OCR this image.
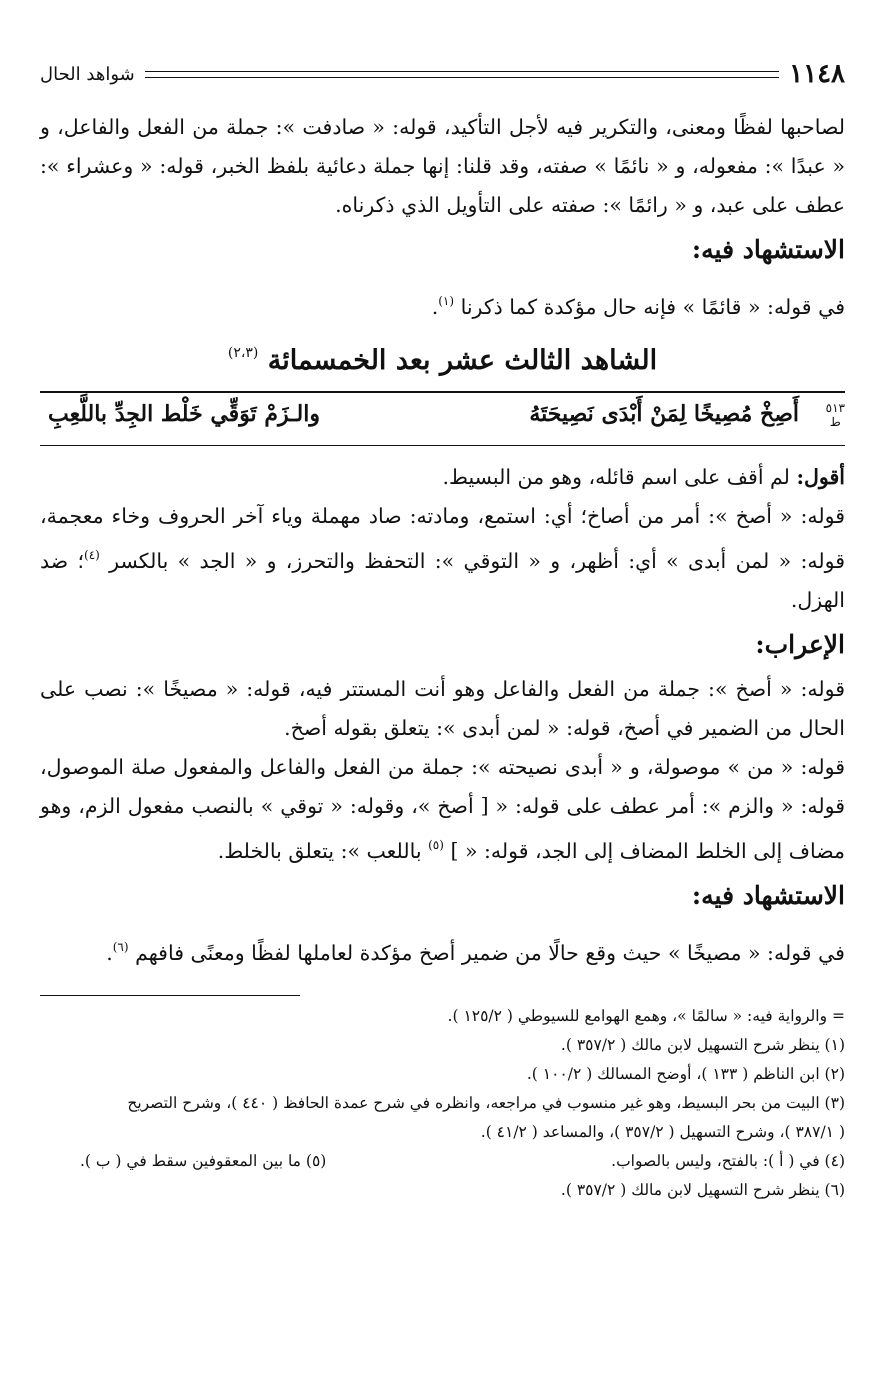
١١٤٨
شواهد الحال

لصاحبها لفظًا ومعنى، والتكرير فيه لأجل التأكيد، قوله: « صادفت »: جملة من الفعل والفاعل، و « عبدًا »: مفعوله، و « نائمًا » صفته، وقد قلنا: إنها جملة دعائية بلفظ الخبر، قوله: « وعشراء »: عطف على عبد، و « رائمًا »: صفته على التأويل الذي ذكرناه.

الاستشهاد فيه:

في قوله: « قائمًا » فإنه حال مؤكدة كما ذكرنا $^{(١)}$.

الشاهد الثالث عشر بعد الخمسمائة $^{(٢،٣)}$
٥١٣
ط
أَصِخْ مُصِيخًا لِمَنْ أَبْدَى نَصِيحَتَهُ
والـزَمْ تَوَقِّي خَلْط الجِدِّ باللَّعِبِ

أقول: لم أقف على اسم قائله، وهو من البسيط.

قوله: « أصخ »: أمر من أصاخ؛ أي: استمع، ومادته: صاد مهملة وياء آخر الحروف وخاء معجمة، قوله: « لمن أبدى » أي: أظهر، و « التوقي »: التحفظ والتحرز، و « الجد » بالكسر $^{(٤)}$؛ ضد الهزل.

الإعراب:

قوله: « أصخ »: جملة من الفعل والفاعل وهو أنت المستتر فيه، قوله: « مصيخًا »: نصب على الحال من الضمير في أصخ، قوله: « لمن أبدى »: يتعلق بقوله أصخ.

قوله: « من » موصولة، و « أبدى نصيحته »: جملة من الفعل والفاعل والمفعول صلة الموصول، قوله: « والزم »: أمر عطف على قوله: « [ أصخ »، وقوله: « توقي » بالنصب مفعول الزم، وهو مضاف إلى الخلط المضاف إلى الجد، قوله: « ] $^{(٥)}$ باللعب »: يتعلق بالخلط.

الاستشهاد فيه:

في قوله: « مصيخًا » حيث وقع حالًا من ضمير أصخ مؤكدة لعاملها لفظًا ومعنًى فافهم $^{(٦)}$.

= والرواية فيه: « سالمًا »، وهمع الهوامع للسيوطي ( ١٢٥/٢ ).

(١) ينظر شرح التسهيل لابن مالك ( ٣٥٧/٢ ).

(٢) ابن الناظم ( ١٣٣ )، أوضح المسالك ( ١٠٠/٢ ).

(٣) البيت من بحر البسيط، وهو غير منسوب في مراجعه، وانظره في شرح عمدة الحافظ ( ٤٤٠ )، وشرح التصريح

( ٣٨٧/١ )، وشرح التسهيل ( ٣٥٧/٢ )، والمساعد ( ٤١/٢ ).

(٤) في ( أ ): بالفتح، وليس بالصواب.
(٥) ما بين المعقوفين سقط في ( ب ).

(٦) ينظر شرح التسهيل لابن مالك ( ٣٥٧/٢ ).
